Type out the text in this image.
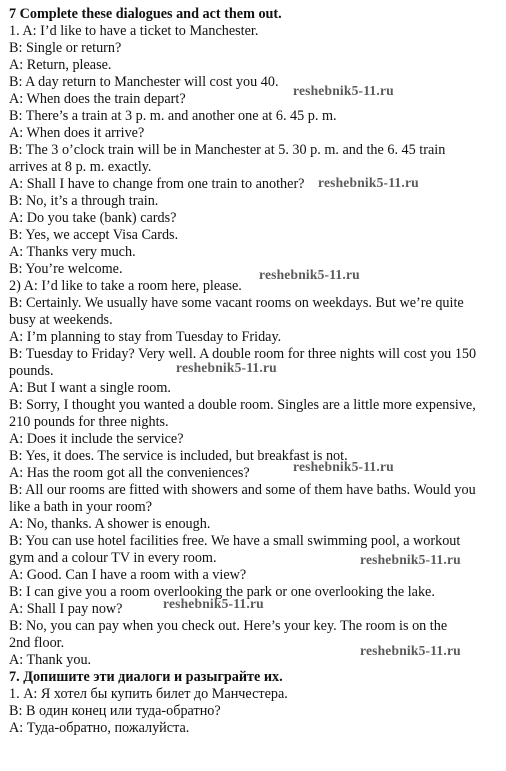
7 Complete these dialogues and act them out.
1. A: I’d like to have a ticket to Manchester.
B: Single or return?
A: Return, please.
B: A day return to Manchester will cost you 40.
A: When does the train depart?
B: There’s a train at 3 p. m. and another one at 6. 45 p. m.
A: When does it arrive?
B: The 3 o’clock train will be in Manchester at 5. 30 p. m. and the 6. 45 train
arrives at 8 p. m. exactly.
A: Shall I have to change from one train to another?
B: No, it’s a through train.
A: Do you take (bank) cards?
B: Yes, we accept Visa Cards.
A: Thanks very much.
B: You’re welcome.
2) A: I’d like to take a room here, please.
B: Certainly. We usually have some vacant rooms on weekdays. But we’re quite
busy at weekends.
A: I’m planning to stay from Tuesday to Friday.
B: Tuesday to Friday? Very well. A double room for three nights will cost you 150
pounds.
A: But I want a single room.
B: Sorry, I thought you wanted a double room. Singles are a little more expensive,
210 pounds for three nights.
A: Does it include the service?
B: Yes, it does. The service is included, but breakfast is not.
A: Has the room got all the conveniences?
B: All our rooms are fitted with showers and some of them have baths. Would you
like a bath in your room?
A: No, thanks. A shower is enough.
B: You can use hotel facilities free. We have a small swimming pool, a workout
gym and a colour TV in every room.
A: Good. Can I have a room with a view?
B: I can give you a room overlooking the park or one overlooking the lake.
A: Shall I pay now?
B: No, you can pay when you check out. Here’s your key. The room is on the
2nd floor.
A: Thank you.
7. Допишите эти диалоги и разыграйте их.
1. А: Я хотел бы купить билет до Манчестера.
В: В один конец или туда-обратно?
А: Туда-обратно, пожалуйста.
reshebnik5-11.ru
reshebnik5-11.ru
reshebnik5-11.ru
reshebnik5-11.ru
reshebnik5-11.ru
reshebnik5-11.ru
reshebnik5-11.ru
reshebnik5-11.ru
